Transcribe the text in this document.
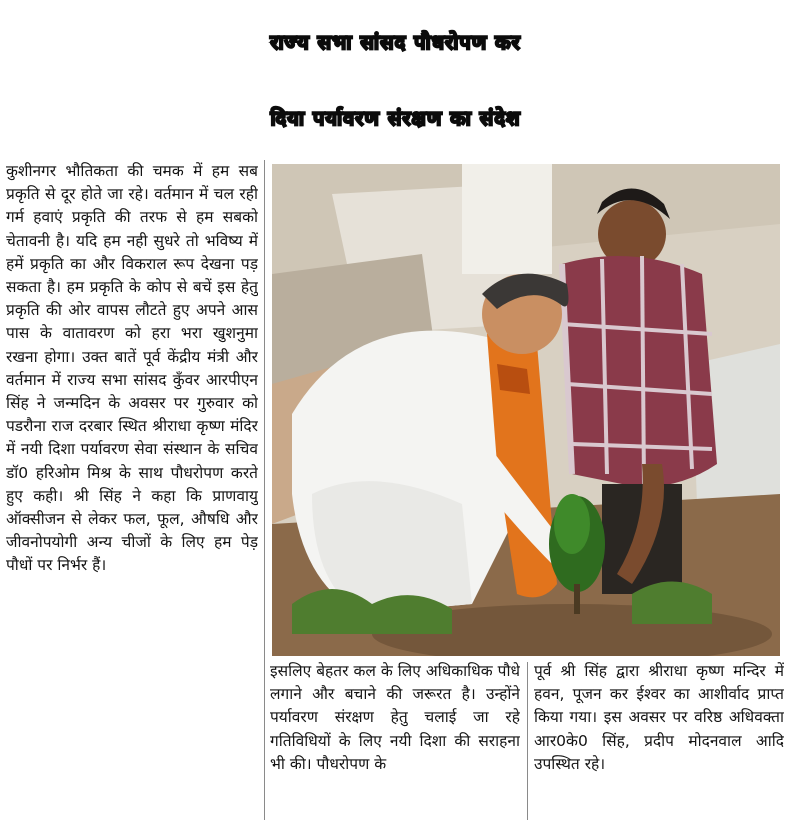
राज्य सभा सांसद पौधरोपण कर
दिया पर्यावरण संरक्षण का संदेश
कुशीनगर भौतिकता की चमक में हम सब प्रकृति से दूर होते जा रहे। वर्तमान में चल रही गर्म हवाएं प्रकृति की तरफ से हम सबको चेतावनी है। यदि हम नही सुधरे तो भविष्य में हमें प्रकृति का और विकराल रूप देखना पड़ सकता है। हम प्रकृति के कोप से बचें इस हेतु प्रकृति की ओर वापस लौटते हुए अपने आस पास के वातावरण को हरा भरा खुशनुमा रखना होगा। उक्त बातें पूर्व केंद्रीय मंत्री और वर्तमान में राज्य सभा सांसद कुँवर आरपीएन सिंह ने जन्मदिन के अवसर पर गुरुवार को पडरौना राज दरबार स्थित श्रीराधा कृष्ण मंदिर में नयी दिशा पर्यावरण सेवा संस्थान के सचिव डॉ0 हरिओम मिश्र के साथ पौधरोपण करते हुए कही। श्री सिंह ने कहा कि प्राणवायु ऑक्सीजन से लेकर फल, फूल, औषधि और जीवनोपयोगी अन्य चीजों के लिए हम पेड़ पौधों पर निर्भर हैं।
इसलिए बेहतर कल के लिए अधिकाधिक पौधे लगाने और बचाने की जरूरत है। उन्होंने पर्यावरण संरक्षण हेतु चलाई जा रहे गतिविधियों के लिए नयी दिशा की सराहना भी की। पौधरोपण के
पूर्व श्री सिंह द्वारा श्रीराधा कृष्ण मन्दिर में हवन, पूजन कर ईश्वर का आशीर्वाद प्राप्त किया गया। इस अवसर पर वरिष्ठ अधिवक्ता आर0के0 सिंह, प्रदीप मोदनवाल आदि उपस्थित रहे।
